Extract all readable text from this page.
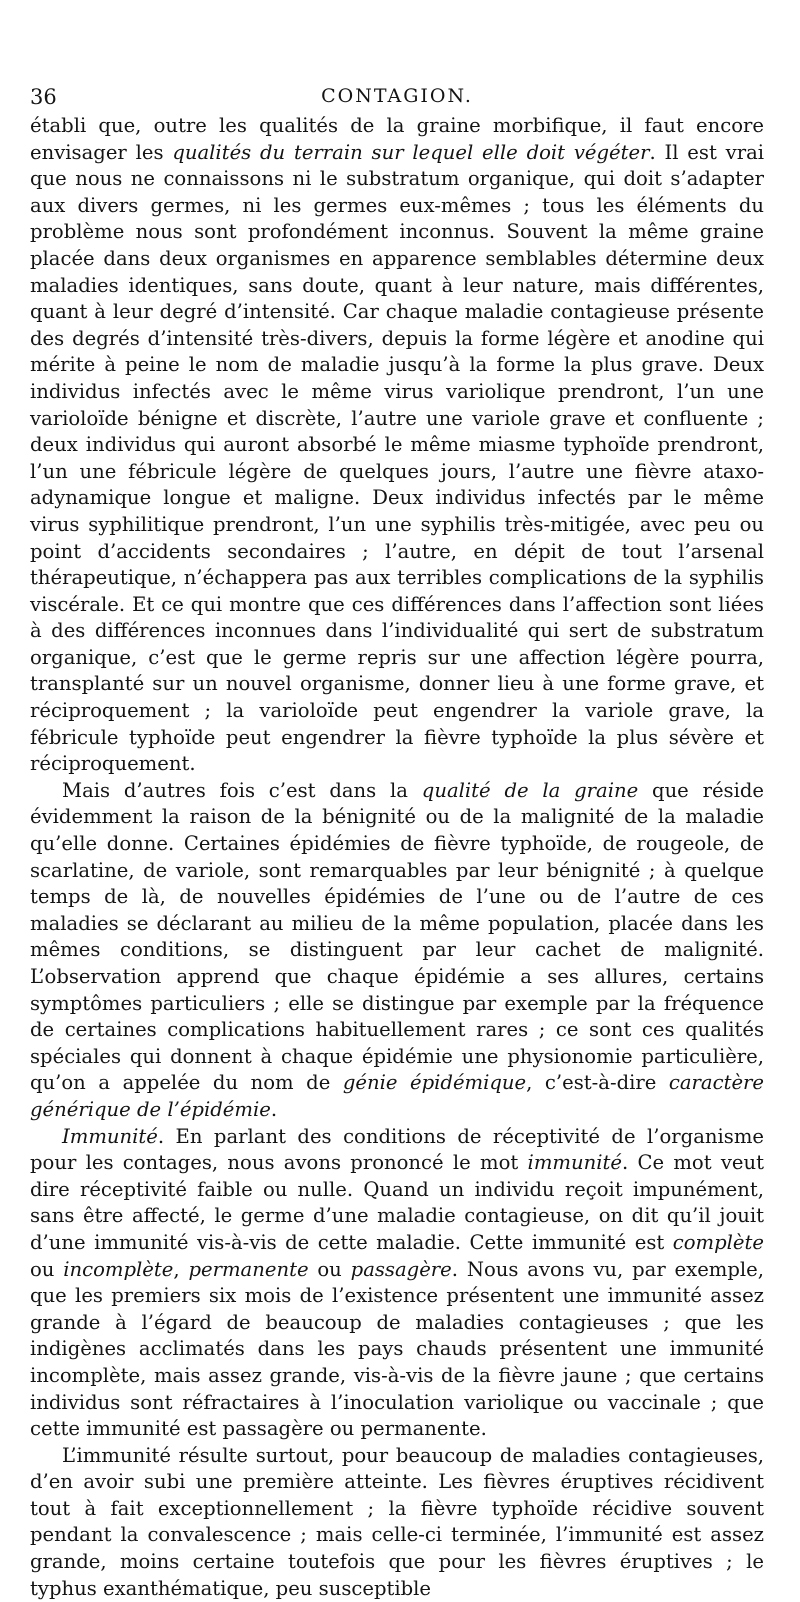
36	CONTAGION.

établi que, outre les qualités de la graine morbifique, il faut encore envisager les qualités du terrain sur lequel elle doit végéter. Il est vrai que nous ne connaissons ni le substratum organique, qui doit s’adapter aux divers germes, ni les germes eux-mêmes ; tous les éléments du problème nous sont profondément inconnus. Souvent la même graine placée dans deux organismes en apparence semblables détermine deux maladies identiques, sans doute, quant à leur nature, mais différentes, quant à leur degré d’intensité. Car chaque maladie contagieuse présente des degrés d’intensité très-divers, depuis la forme légère et anodine qui mérite à peine le nom de maladie jusqu’à la forme la plus grave. Deux individus infectés avec le même virus variolique prendront, l’un une varioloïde bénigne et discrète, l’autre une variole grave et confluente ; deux individus qui auront absorbé le même miasme typhoïde prendront, l’un une fébricule légère de quelques jours, l’autre une fièvre ataxo-adynamique longue et maligne. Deux individus infectés par le même virus syphilitique prendront, l’un une syphilis très-mitigée, avec peu ou point d’accidents secondaires ; l’autre, en dépit de tout l’arsenal thérapeutique, n’échappera pas aux terribles complications de la syphilis viscérale. Et ce qui montre que ces différences dans l’affection sont liées à des différences inconnues dans l’individualité qui sert de substratum organique, c’est que le germe repris sur une affection légère pourra, transplanté sur un nouvel organisme, donner lieu à une forme grave, et réciproquement ; la varioloïde peut engendrer la variole grave, la fébricule typhoïde peut engendrer la fièvre typhoïde la plus sévère et réciproquement.

Mais d’autres fois c’est dans la qualité de la graine que réside évidemment la raison de la bénignité ou de la malignité de la maladie qu’elle donne. Certaines épidémies de fièvre typhoïde, de rougeole, de scarlatine, de variole, sont remarquables par leur bénignité ; à quelque temps de là, de nouvelles épidémies de l’une ou de l’autre de ces maladies se déclarant au milieu de la même population, placée dans les mêmes conditions, se distinguent par leur cachet de malignité. L’observation apprend que chaque épidémie a ses allures, certains symptômes particuliers ; elle se distingue par exemple par la fréquence de certaines complications habituellement rares ; ce sont ces qualités spéciales qui donnent à chaque épidémie une physionomie particulière, qu’on a appelée du nom de génie épidémique, c’est-à-dire caractère générique de l’épidémie.

Immunité. En parlant des conditions de réceptivité de l’organisme pour les contages, nous avons prononcé le mot immunité. Ce mot veut dire réceptivité faible ou nulle. Quand un individu reçoit impunément, sans être affecté, le germe d’une maladie contagieuse, on dit qu’il jouit d’une immunité vis-à-vis de cette maladie. Cette immunité est complète ou incomplète, permanente ou passagère. Nous avons vu, par exemple, que les premiers six mois de l’existence présentent une immunité assez grande à l’égard de beaucoup de maladies contagieuses ; que les indigènes acclimatés dans les pays chauds présentent une immunité incomplète, mais assez grande, vis-à-vis de la fièvre jaune ; que certains individus sont réfractaires à l’inoculation variolique ou vaccinale ; que cette immunité est passagère ou permanente.

L’immunité résulte surtout, pour beaucoup de maladies contagieuses, d’en avoir subi une première atteinte. Les fièvres éruptives récidivent tout à fait exceptionnellement ; la fièvre typhoïde récidive souvent pendant la convalescence ; mais celle-ci terminée, l’immunité est assez grande, moins certaine toutefois que pour les fièvres éruptives ; le typhus exanthématique, peu susceptible
